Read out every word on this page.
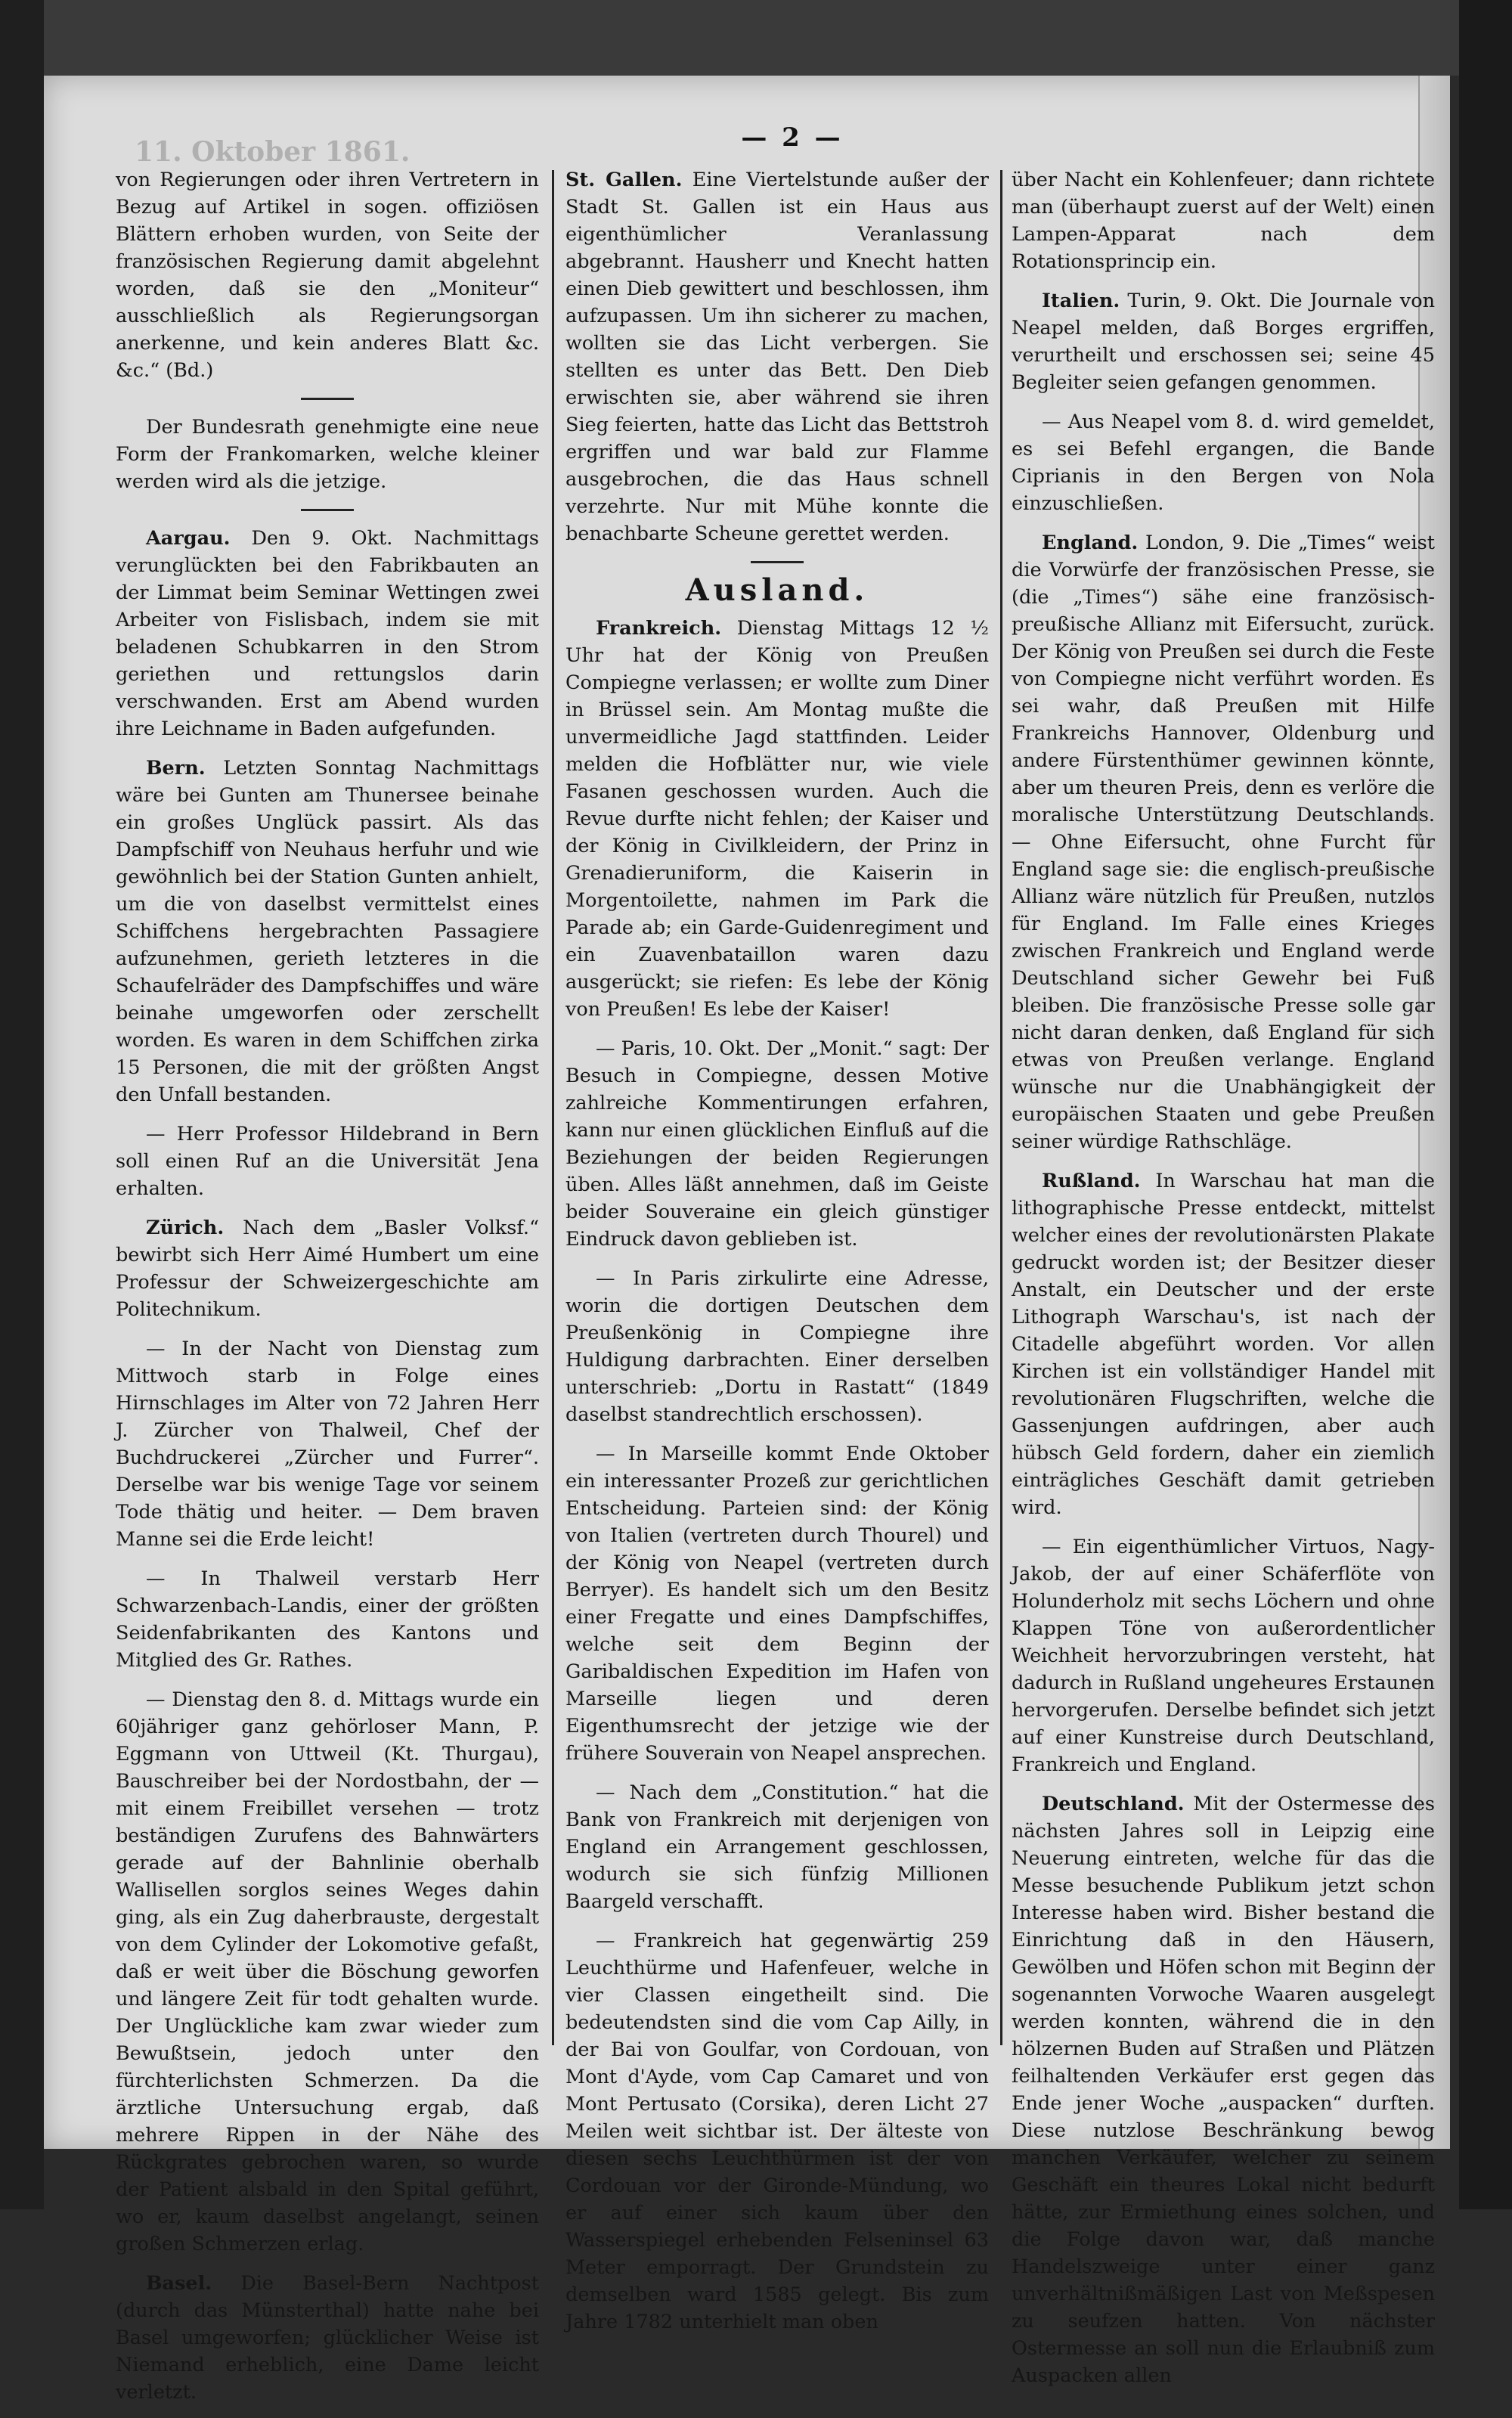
11. Oktober 1861.	— 2 —

von Regierungen oder ihren Vertretern in Bezug auf Artikel in sogen. offiziösen Blättern erhoben wurden, von Seite der französischen Regierung damit abgelehnt worden, daß sie den „Moniteur“ ausschließlich als Regierungsorgan anerkenne, und kein anderes Blatt &c. &c.“ (Bd.)

Der Bundesrath genehmigte eine neue Form der Frankomarken, welche kleiner werden wird als die jetzige.

Aargau. Den 9. Okt. Nachmittags verunglückten bei den Fabrikbauten an der Limmat beim Seminar Wettingen zwei Arbeiter von Fislisbach, indem sie mit beladenen Schubkarren in den Strom geriethen und rettungslos darin verschwanden. Erst am Abend wurden ihre Leichname in Baden aufgefunden.

Bern. Letzten Sonntag Nachmittags wäre bei Gunten am Thunersee beinahe ein großes Unglück passirt. Als das Dampfschiff von Neuhaus herfuhr und wie gewöhnlich bei der Station Gunten anhielt, um die von daselbst vermittelst eines Schiffchens hergebrachten Passagiere aufzunehmen, gerieth letzteres in die Schaufelräder des Dampfschiffes und wäre beinahe umgeworfen oder zerschellt worden. Es waren in dem Schiffchen zirka 15 Personen, die mit der größten Angst den Unfall bestanden.

— Herr Professor Hildebrand in Bern soll einen Ruf an die Universität Jena erhalten.

Zürich. Nach dem „Basler Volksf.“ bewirbt sich Herr Aimé Humbert um eine Professur der Schweizergeschichte am Politechnikum.

— In der Nacht von Dienstag zum Mittwoch starb in Folge eines Hirnschlages im Alter von 72 Jahren Herr J. Zürcher von Thalweil, Chef der Buchdruckerei „Zürcher und Furrer“. Derselbe war bis wenige Tage vor seinem Tode thätig und heiter. — Dem braven Manne sei die Erde leicht!

— In Thalweil verstarb Herr Schwarzenbach-Landis, einer der größten Seidenfabrikanten des Kantons und Mitglied des Gr. Rathes.

— Dienstag den 8. d. Mittags wurde ein 60jähriger ganz gehörloser Mann, P. Eggmann von Uttweil (Kt. Thurgau), Bauschreiber bei der Nordostbahn, der — mit einem Freibillet versehen — trotz beständigen Zurufens des Bahnwärters gerade auf der Bahnlinie oberhalb Wallisellen sorglos seines Weges dahin ging, als ein Zug daherbrauste, dergestalt von dem Cylinder der Lokomotive gefaßt, daß er weit über die Böschung geworfen und längere Zeit für todt gehalten wurde. Der Unglückliche kam zwar wieder zum Bewußtsein, jedoch unter den fürchterlichsten Schmerzen. Da die ärztliche Untersuchung ergab, daß mehrere Rippen in der Nähe des Rückgrates gebrochen waren, so wurde der Patient alsbald in den Spital geführt, wo er, kaum daselbst angelangt, seinen großen Schmerzen erlag.

Basel. Die Basel-Bern Nachtpost (durch das Münsterthal) hatte nahe bei Basel umgeworfen; glücklicher Weise ist Niemand erheblich, eine Dame leicht verletzt.

St. Gallen. Eine Viertelstunde außer der Stadt St. Gallen ist ein Haus aus eigenthümlicher Veranlassung abgebrannt. Hausherr und Knecht hatten einen Dieb gewittert und beschlossen, ihm aufzupassen. Um ihn sicherer zu machen, wollten sie das Licht verbergen. Sie stellten es unter das Bett. Den Dieb erwischten sie, aber während sie ihren Sieg feierten, hatte das Licht das Bettstroh ergriffen und war bald zur Flamme ausgebrochen, die das Haus schnell verzehrte. Nur mit Mühe konnte die benachbarte Scheune gerettet werden.

Ausland.

Frankreich. Dienstag Mittags 12 ½ Uhr hat der König von Preußen Compiegne verlassen; er wollte zum Diner in Brüssel sein. Am Montag mußte die unvermeidliche Jagd stattfinden. Leider melden die Hofblätter nur, wie viele Fasanen geschossen wurden. Auch die Revue durfte nicht fehlen; der Kaiser und der König in Civilkleidern, der Prinz in Grenadieruniform, die Kaiserin in Morgentoilette, nahmen im Park die Parade ab; ein Garde-Guidenregiment und ein Zuavenbataillon waren dazu ausgerückt; sie riefen: Es lebe der König von Preußen! Es lebe der Kaiser!

— Paris, 10. Okt. Der „Monit.“ sagt: Der Besuch in Compiegne, dessen Motive zahlreiche Kommentirungen erfahren, kann nur einen glücklichen Einfluß auf die Beziehungen der beiden Regierungen üben. Alles läßt annehmen, daß im Geiste beider Souveraine ein gleich günstiger Eindruck davon geblieben ist.

— In Paris zirkulirte eine Adresse, worin die dortigen Deutschen dem Preußenkönig in Compiegne ihre Huldigung darbrachten. Einer derselben unterschrieb: „Dortu in Rastatt“ (1849 daselbst standrechtlich erschossen).

— In Marseille kommt Ende Oktober ein interessanter Prozeß zur gerichtlichen Entscheidung. Parteien sind: der König von Italien (vertreten durch Thourel) und der König von Neapel (vertreten durch Berryer). Es handelt sich um den Besitz einer Fregatte und eines Dampfschiffes, welche seit dem Beginn der Garibaldischen Expedition im Hafen von Marseille liegen und deren Eigenthumsrecht der jetzige wie der frühere Souverain von Neapel ansprechen.

— Nach dem „Constitution.“ hat die Bank von Frankreich mit derjenigen von England ein Arrangement geschlossen, wodurch sie sich fünfzig Millionen Baargeld verschafft.

— Frankreich hat gegenwärtig 259 Leuchthürme und Hafenfeuer, welche in vier Classen eingetheilt sind. Die bedeutendsten sind die vom Cap Ailly, in der Bai von Goulfar, von Cordouan, von Mont d'Ayde, vom Cap Camaret und von Mont Pertusato (Corsika), deren Licht 27 Meilen weit sichtbar ist. Der älteste von diesen sechs Leuchthürmen ist der von Cordouan vor der Gironde-Mündung, wo er auf einer sich kaum über den Wasserspiegel erhebenden Felseninsel 63 Meter emporragt. Der Grundstein zu demselben ward 1585 gelegt. Bis zum Jahre 1782 unterhielt man oben

über Nacht ein Kohlenfeuer; dann richtete man (überhaupt zuerst auf der Welt) einen Lampen-Apparat nach dem Rotationsprincip ein.

Italien. Turin, 9. Okt. Die Journale von Neapel melden, daß Borges ergriffen, verurtheilt und erschossen sei; seine 45 Begleiter seien gefangen genommen.

— Aus Neapel vom 8. d. wird gemeldet, es sei Befehl ergangen, die Bande Ciprianis in den Bergen von Nola einzuschließen.

England. London, 9. Die „Times“ weist die Vorwürfe der französischen Presse, sie (die „Times“) sähe eine französisch-preußische Allianz mit Eifersucht, zurück. Der König von Preußen sei durch die Feste von Compiegne nicht verführt worden. Es sei wahr, daß Preußen mit Hilfe Frankreichs Hannover, Oldenburg und andere Fürstenthümer gewinnen könnte, aber um theuren Preis, denn es verlöre die moralische Unterstützung Deutschlands. — Ohne Eifersucht, ohne Furcht für England sage sie: die englisch-preußische Allianz wäre nützlich für Preußen, nutzlos für England. Im Falle eines Krieges zwischen Frankreich und England werde Deutschland sicher Gewehr bei Fuß bleiben. Die französische Presse solle gar nicht daran denken, daß England für sich etwas von Preußen verlange. England wünsche nur die Unabhängigkeit der europäischen Staaten und gebe Preußen seiner würdige Rathschläge.

Rußland. In Warschau hat man die lithographische Presse entdeckt, mittelst welcher eines der revolutionärsten Plakate gedruckt worden ist; der Besitzer dieser Anstalt, ein Deutscher und der erste Lithograph Warschau's, ist nach der Citadelle abgeführt worden. Vor allen Kirchen ist ein vollständiger Handel mit revolutionären Flugschriften, welche die Gassenjungen aufdringen, aber auch hübsch Geld fordern, daher ein ziemlich einträgliches Geschäft damit getrieben wird.

— Ein eigenthümlicher Virtuos, Nagy-Jakob, der auf einer Schäferflöte von Holunderholz mit sechs Löchern und ohne Klappen Töne von außerordentlicher Weichheit hervorzubringen versteht, hat dadurch in Rußland ungeheures Erstaunen hervorgerufen. Derselbe befindet sich jetzt auf einer Kunstreise durch Deutschland, Frankreich und England.

Deutschland. Mit der Ostermesse des nächsten Jahres soll in Leipzig eine Neuerung eintreten, welche für das die Messe besuchende Publikum jetzt schon Interesse haben wird. Bisher bestand die Einrichtung daß in den Häusern, Gewölben und Höfen schon mit Beginn der sogenannten Vorwoche Waaren ausgelegt werden konnten, während die in den hölzernen Buden auf Straßen und Plätzen feilhaltenden Verkäufer erst gegen das Ende jener Woche „auspacken“ durften. Diese nutzlose Beschränkung bewog manchen Verkäufer, welcher zu seinem Geschäft ein theures Lokal nicht bedurft hätte, zur Ermiethung eines solchen, und die Folge davon war, daß manche Handelszweige unter einer ganz unverhältnißmäßigen Last von Meßspesen zu seufzen hatten. Von nächster Ostermesse an soll nun die Erlaubniß zum Auspacken allen
